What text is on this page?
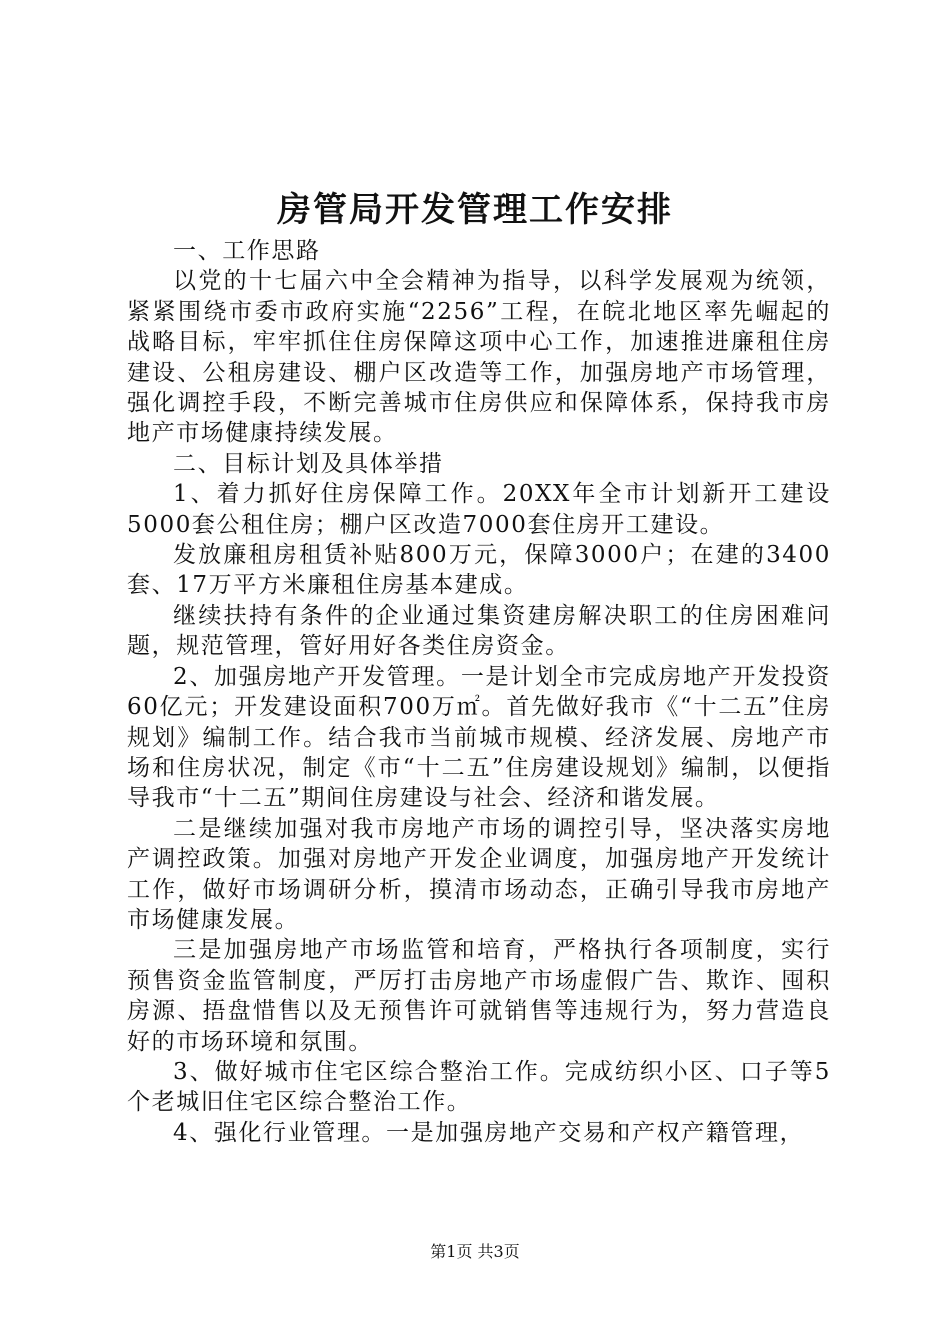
房管局开发管理工作安排

一、工作思路

以党的十七届六中全会精神为指导，以科学发展观为统领，紧紧围绕市委市政府实施“2256”工程，在皖北地区率先崛起的战略目标，牢牢抓住住房保障这项中心工作，加速推进廉租住房建设、公租房建设、棚户区改造等工作，加强房地产市场管理，强化调控手段，不断完善城市住房供应和保障体系，保持我市房地产市场健康持续发展。

二、目标计划及具体举措

1、着力抓好住房保障工作。20XX年全市计划新开工建设5000套公租住房；棚户区改造7000套住房开工建设。

发放廉租房租赁补贴800万元，保障3000户；在建的3400套、17万平方米廉租住房基本建成。

继续扶持有条件的企业通过集资建房解决职工的住房困难问题，规范管理，管好用好各类住房资金。

2、加强房地产开发管理。一是计划全市完成房地产开发投资60亿元；开发建设面积700万㎡。首先做好我市《“十二五”住房规划》编制工作。结合我市当前城市规模、经济发展、房地产市场和住房状况，制定《市“十二五”住房建设规划》编制，以便指导我市“十二五”期间住房建设与社会、经济和谐发展。

二是继续加强对我市房地产市场的调控引导，坚决落实房地产调控政策。加强对房地产开发企业调度，加强房地产开发统计工作，做好市场调研分析，摸清市场动态，正确引导我市房地产市场健康发展。

三是加强房地产市场监管和培育，严格执行各项制度，实行预售资金监管制度，严厉打击房地产市场虚假广告、欺诈、囤积房源、捂盘惜售以及无预售许可就销售等违规行为，努力营造良好的市场环境和氛围。

3、做好城市住宅区综合整治工作。完成纺织小区、口子等5个老城旧住宅区综合整治工作。

4、强化行业管理。一是加强房地产交易和产权产籍管理，

第1页 共3页
